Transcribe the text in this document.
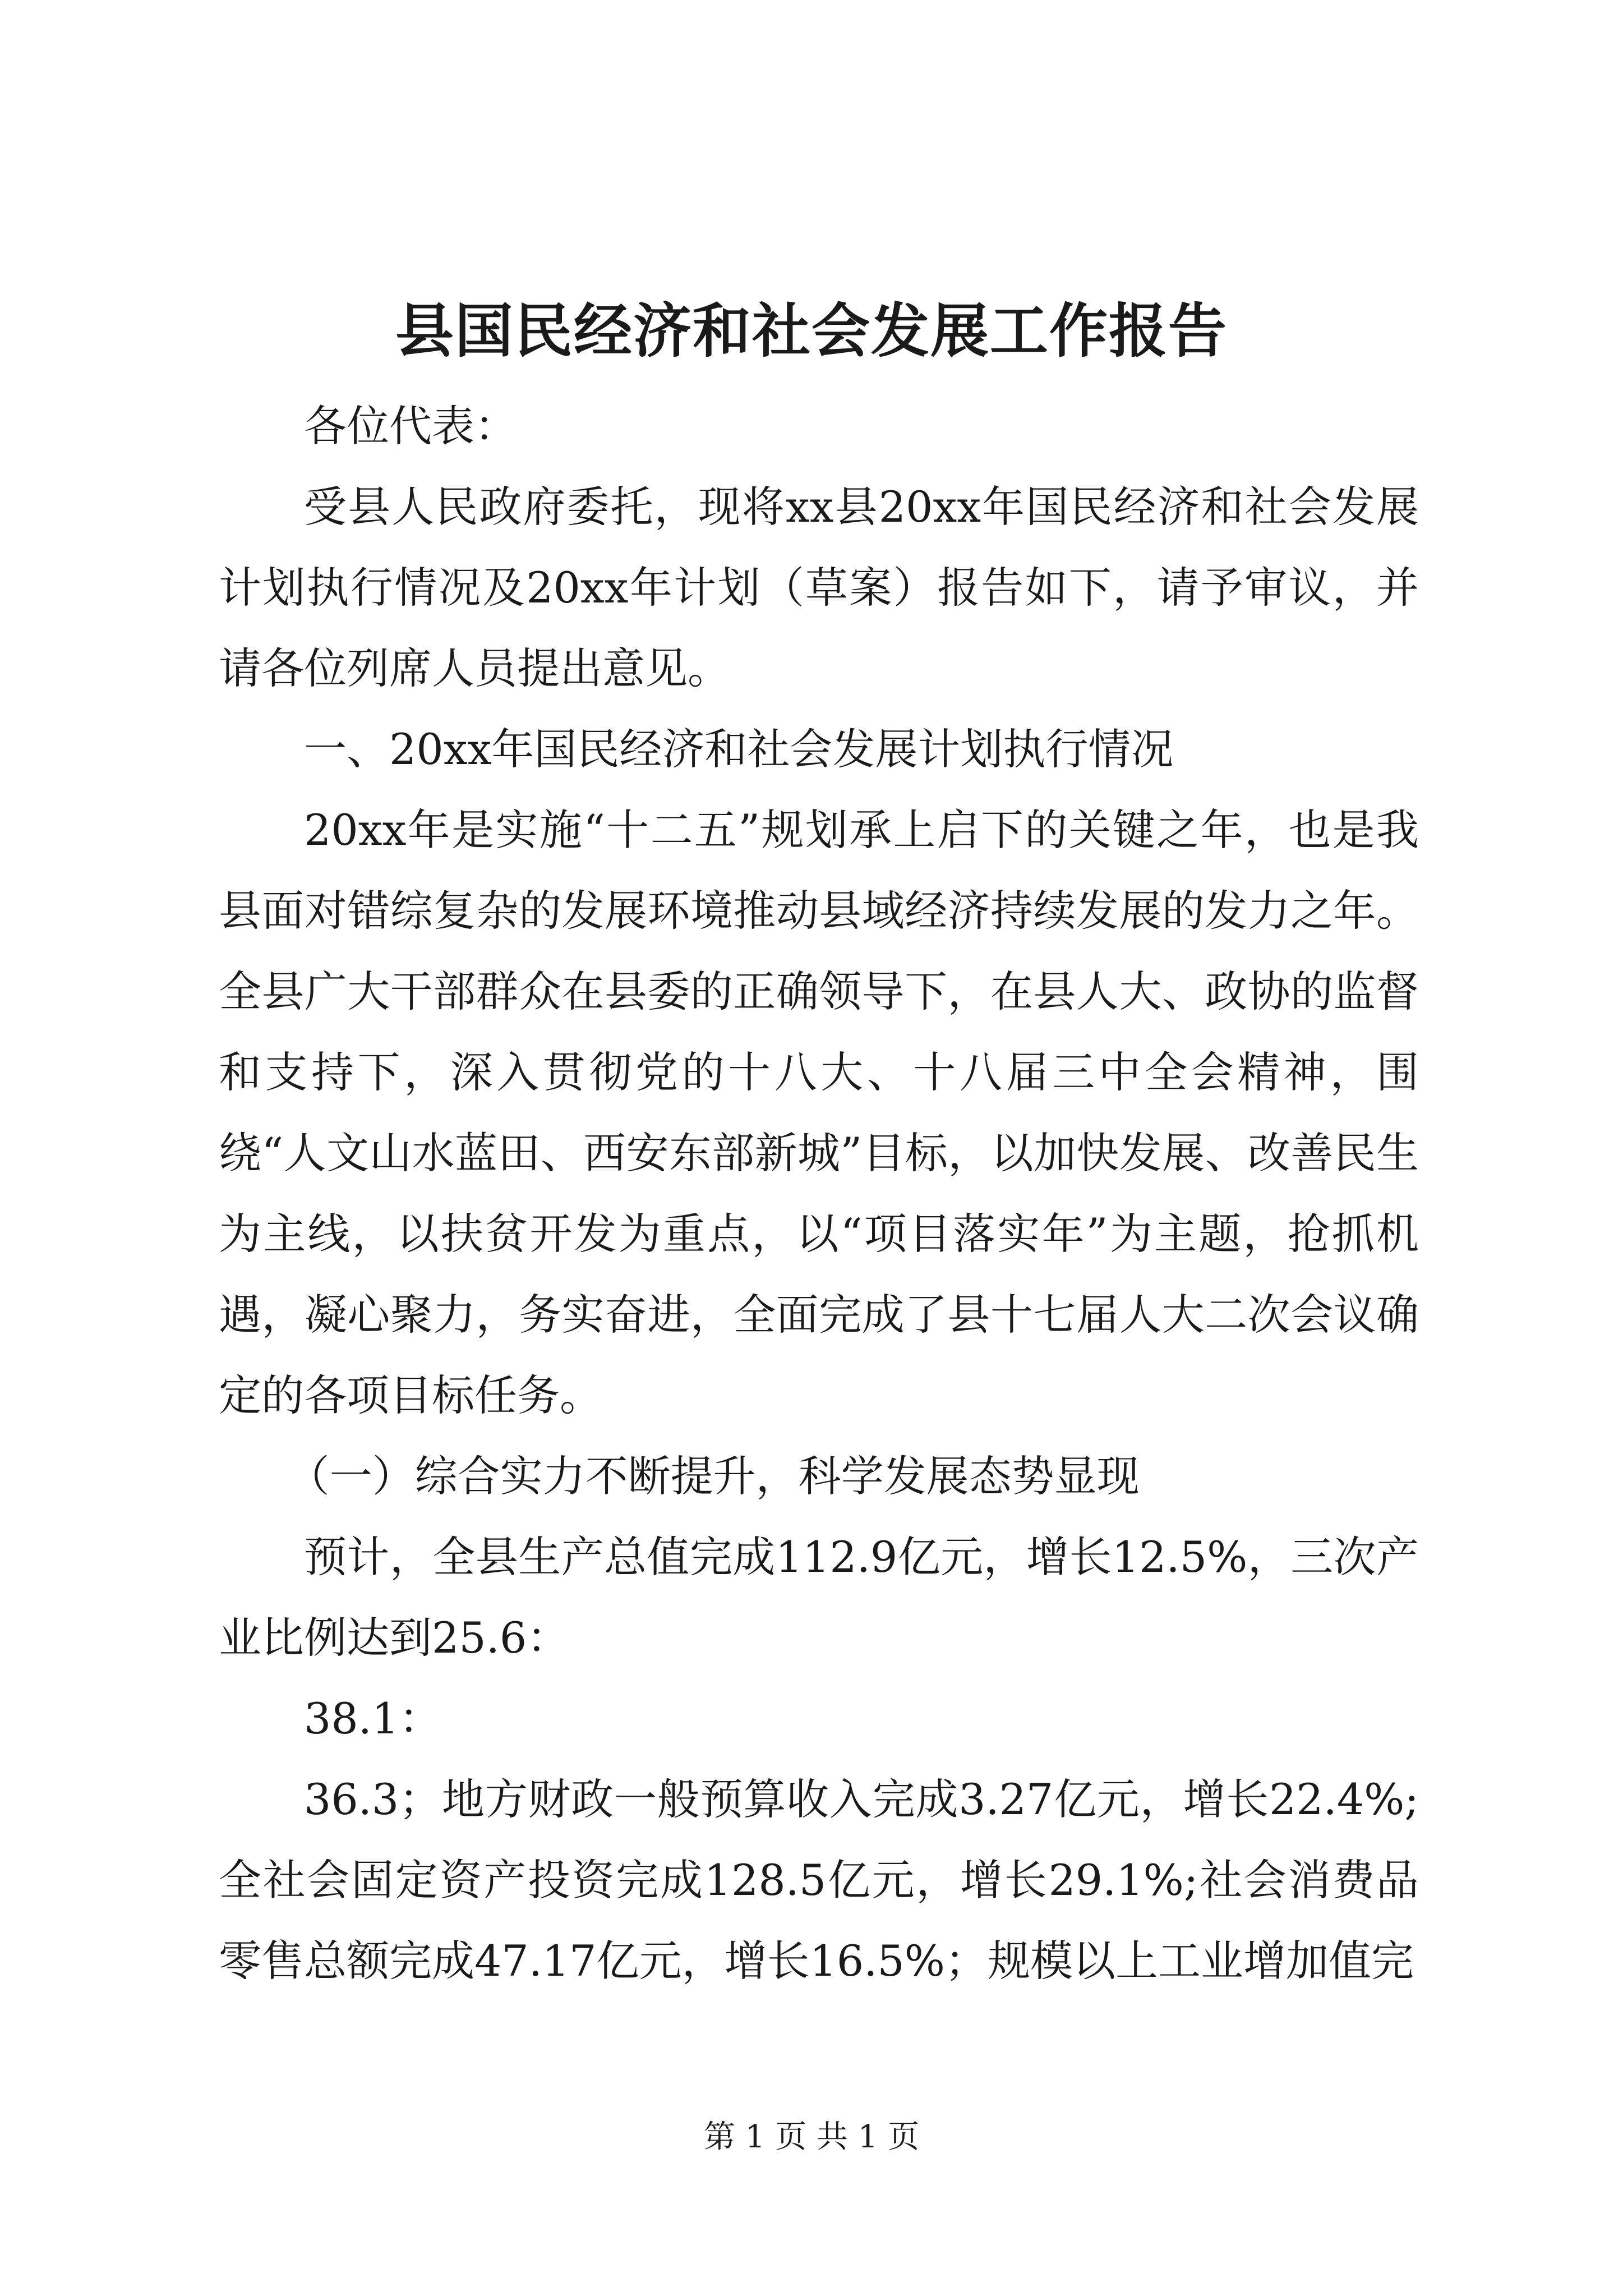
县国民经济和社会发展工作报告

各位代表：

受县人民政府委托，现将xx县20xx年国民经济和社会发展计划执行情况及20xx年计划（草案）报告如下，请予审议，并请各位列席人员提出意见。

一、20xx年国民经济和社会发展计划执行情况

20xx年是实施“十二五”规划承上启下的关键之年，也是我县面对错综复杂的发展环境推动县域经济持续发展的发力之年。全县广大干部群众在县委的正确领导下，在县人大、政协的监督和支持下，深入贯彻党的十八大、十八届三中全会精神，围绕“人文山水蓝田、西安东部新城”目标，以加快发展、改善民生为主线，以扶贫开发为重点，以“项目落实年”为主题，抢抓机遇，凝心聚力，务实奋进，全面完成了县十七届人大二次会议确定的各项目标任务。

（一）综合实力不断提升，科学发展态势显现

预计，全县生产总值完成112.9亿元，增长12.5%，三次产业比例达到25.6：

38.1：

36.3；地方财政一般预算收入完成3.27亿元，增长22.4%;全社会固定资产投资完成128.5亿元，增长29.1%;社会消费品零售总额完成47.17亿元，增长16.5%；规模以上工业增加值完

第 1 页 共 1 页
